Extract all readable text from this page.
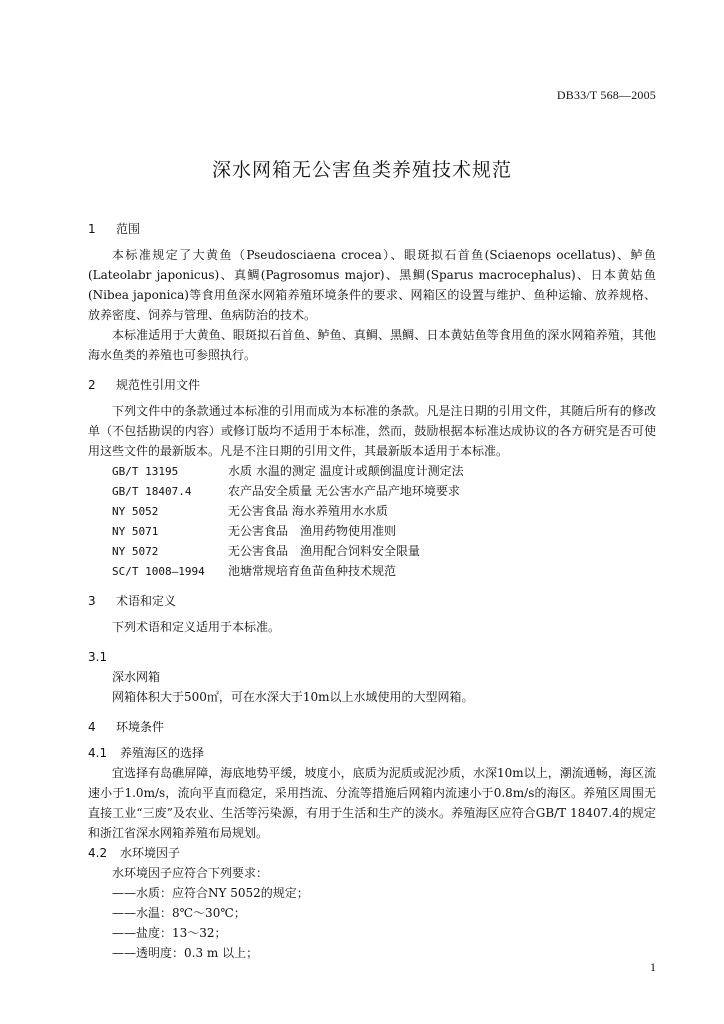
DB33/T 568—2005
深水网箱无公害鱼类养殖技术规范
1 范围

本标准规定了大黄鱼（Pseudosciaena crocea）、眼斑拟石首鱼(Sciaenops ocellatus)、鲈鱼(Lateolabr japonicus)、真鲷(Pagrosomus major)、黑鲷(Sparus macrocephalus)、日本黄姑鱼(Nibea japonica)等食用鱼深水网箱养殖环境条件的要求、网箱区的设置与维护、鱼种运输、放养规格、放养密度、饲养与管理、鱼病防治的技术。

本标准适用于大黄鱼、眼斑拟石首鱼、鲈鱼、真鲷、黑鲷、日本黄姑鱼等食用鱼的深水网箱养殖，其他海水鱼类的养殖也可参照执行。

2 规范性引用文件

下列文件中的条款通过本标准的引用而成为本标准的条款。凡是注日期的引用文件，其随后所有的修改单（不包括勘误的内容）或修订版均不适用于本标准，然而，鼓励根据本标准达成协议的各方研究是否可使用这些文件的最新版本。凡是不注日期的引用文件，其最新版本适用于本标准。

GB/T 13195	水质 水温的测定 温度计或颠倒温度计测定法
GB/T 18407.4	农产品安全质量 无公害水产品产地环境要求
NY 5052	无公害食品 海水养殖用水水质
NY 5071	无公害食品　渔用药物使用准则
NY 5072	无公害食品　渔用配合饲料安全限量
SC/T 1008—1994 池塘常规培育鱼苗鱼种技术规范
3 术语和定义

下列术语和定义适用于本标准。

3.1
深水网箱

网箱体积大于500㎡，可在水深大于10m以上水域使用的大型网箱。

4 环境条件
4.1 养殖海区的选择

宜选择有岛礁屏障，海底地势平缓，坡度小，底质为泥质或泥沙质，水深10m以上，潮流通畅，海区流速小于1.0m/s，流向平直而稳定，采用挡流、分流等措施后网箱内流速小于0.8m/s的海区。养殖区周围无直接工业“三废”及农业、生活等污染源，有用于生活和生产的淡水。养殖海区应符合GB/T 18407.4的规定和浙江省深水网箱养殖布局规划。

4.2 水环境因子
水环境因子应符合下列要求：
——水质：应符合NY 5052的规定；
——水温：8℃～30℃；
——盐度：13～32；
——透明度：0.3 m 以上；
1
